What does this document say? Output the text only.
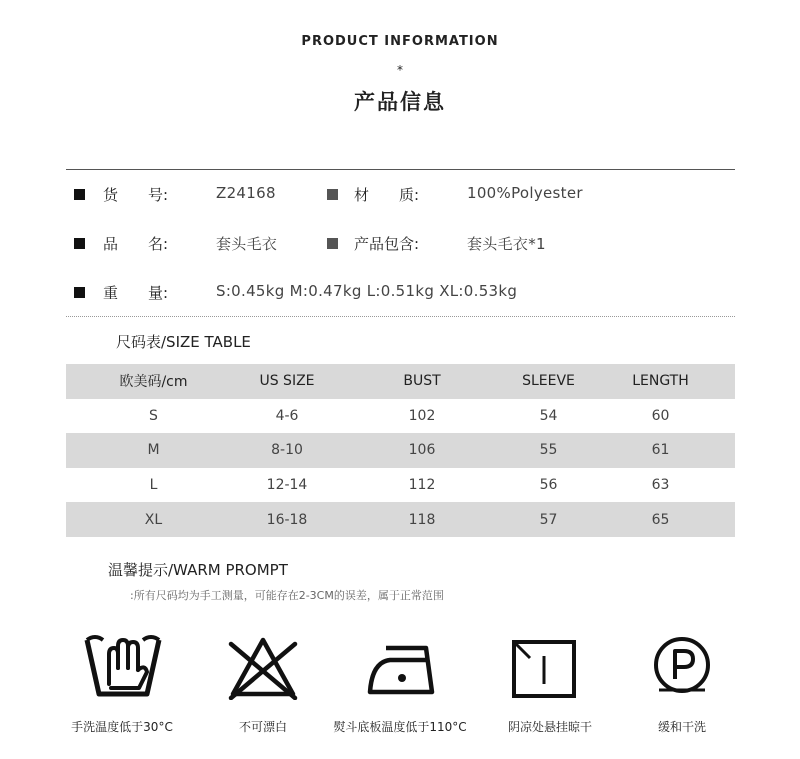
PRODUCT INFORMATION
*
产品信息
货　　号:	Z24168	材　　质:	100%Polyester
品　　名:	套头毛衣	产品包含:	套头毛衣*1
重　　量:	S:0.45kg M:0.47kg L:0.51kg XL:0.53kg
尺码表/SIZE TABLE
欧美码/cm	US SIZE	BUST	SLEEVE	LENGTH
S	4-6	102	54	60
M	8-10	106	55	61
L	12-14	112	56	63
XL	16-18	118	57	65
温馨提示/WARM PROMPT
:所有尺码均为手工测量，可能存在2-3CM的误差，属于正常范围
手洗温度低于30°C	不可漂白	熨斗底板温度低于110°C	阴凉处悬挂晾干	缓和干洗
